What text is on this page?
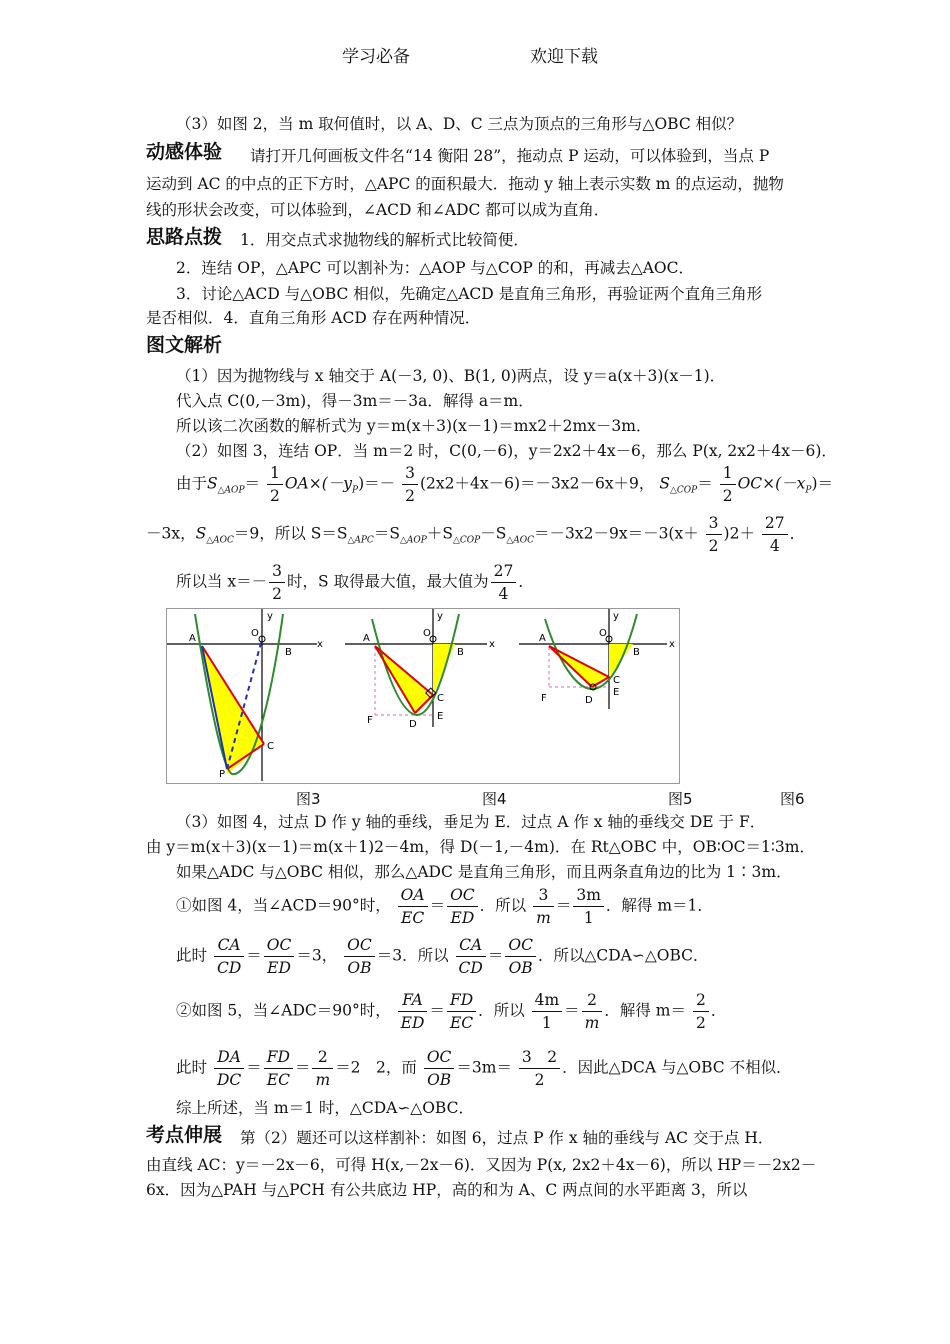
学习必备	欢迎下载
（3）如图 2，当 m 取何值时，以 A、D、C 三点为顶点的三角形与△OBC 相似？
动感体验 请打开几何画板文件名“14 衡阳 28”，拖动点 P 运动，可以体验到，当点 P
运动到 AC 的中点的正下方时，△APC 的面积最大．拖动 y 轴上表示实数 m 的点运动，抛物
线的形状会改变，可以体验到，∠ACD 和∠ADC 都可以成为直角．
思路点拨 1．用交点式求抛物线的解析式比较简便．
2．连结 OP，△APC 可以割补为：△AOP 与△COP 的和，再减去△AOC．
3．讨论△ACD 与△OBC 相似，先确定△ACD 是直角三角形，再验证两个直角三角形
是否相似．4．直角三角形 ACD 存在两种情况．
图文解析
（1）因为抛物线与 x 轴交于 A(－3, 0)、B(1, 0)两点，设 y＝a(x＋3)(x－1)．
代入点 C(0,－3m)，得－3m＝－3a．解得 a＝m．
所以该二次函数的解析式为 y＝m(x＋3)(x－1)＝mx2＋2mx－3m．
（2）如图 3，连结 OP．当 m＝2 时，C(0,－6)，y＝2x2＋4x－6，那么 P(x, 2x2＋4x－6)．
由于$S_{\triangle AOP}= \frac{1}{2} OA\times(-y_P)=- \frac{3}{2} (2x2+4x-6)=-3x2-6x+9$， $S_{\triangle COP}= \frac{1}{2} OC\times(-x_P)=$
－3x，$S_{\triangle AOC}=9$，所以 $S=S_{\triangle APC}=S_{\triangle AOP}+S_{\triangle COP}-S_{\triangle AOC}=-3x2-9x=-3(x+ \frac{3}{2} )2+ \frac{27}{4}$ ．
所以当 $x=- \frac{3}{2}$ 时，S 取得最大值，最大值为 $\frac{27}{4}$ ．
x
y
O
A
B
C
P
x
y
O
A
B
C
F	D
E
x
y
O
A
B
C
F	D
E
图3	图4	图5	图6
（3）如图 4，过点 D 作 y 轴的垂线，垂足为 E．过点 A 作 x 轴的垂线交 DE 于 F．
由 y＝m(x＋3)(x－1)＝m(x＋1)2－4m，得 D(－1,－4m)．在 Rt△OBC 中，OB∶OC＝1∶3m．
如果△ADC 与△OBC 相似，那么△ADC 是直角三角形，而且两条直角边的比为 1∶3m．
①如图 4，当∠ACD＝90°时， $\frac{OA}{EC} = \frac{OC}{ED}$ ．所以 $\frac{3}{m} = \frac{3m}{1}$ ．解得 m＝1．
此时 $\frac{CA}{CD} = \frac{OC}{ED} =3$， $\frac{OC}{OB} =3$．所以 $\frac{CA}{CD} = \frac{OC}{OB}$ ．所以△CDA∽△OBC．
②如图 5，当∠ADC＝90°时， $\frac{FA}{ED} = \frac{FD}{EC}$ ．所以 $\frac{4m}{1} = \frac{2}{m}$ ．解得 $m= \frac{2}{2}$ ．
此时 $\frac{DA}{DC} = \frac{FD}{EC} = \frac{2}{m} =2$　2，而 $\frac{OC}{OB} =3m= \frac{3 2}{2}$ ．因此△DCA 与△OBC 不相似．
综上所述，当 m＝1 时，△CDA∽△OBC．
考点伸展 第（2）题还可以这样割补：如图 6，过点 P 作 x 轴的垂线与 AC 交于点 H．
由直线 AC：y＝－2x－6，可得 H(x,－2x－6)．又因为 P(x, 2x2＋4x－6)，所以 HP＝－2x2－
6x．因为△PAH 与△PCH 有公共底边 HP，高的和为 A、C 两点间的水平距离 3，所以
